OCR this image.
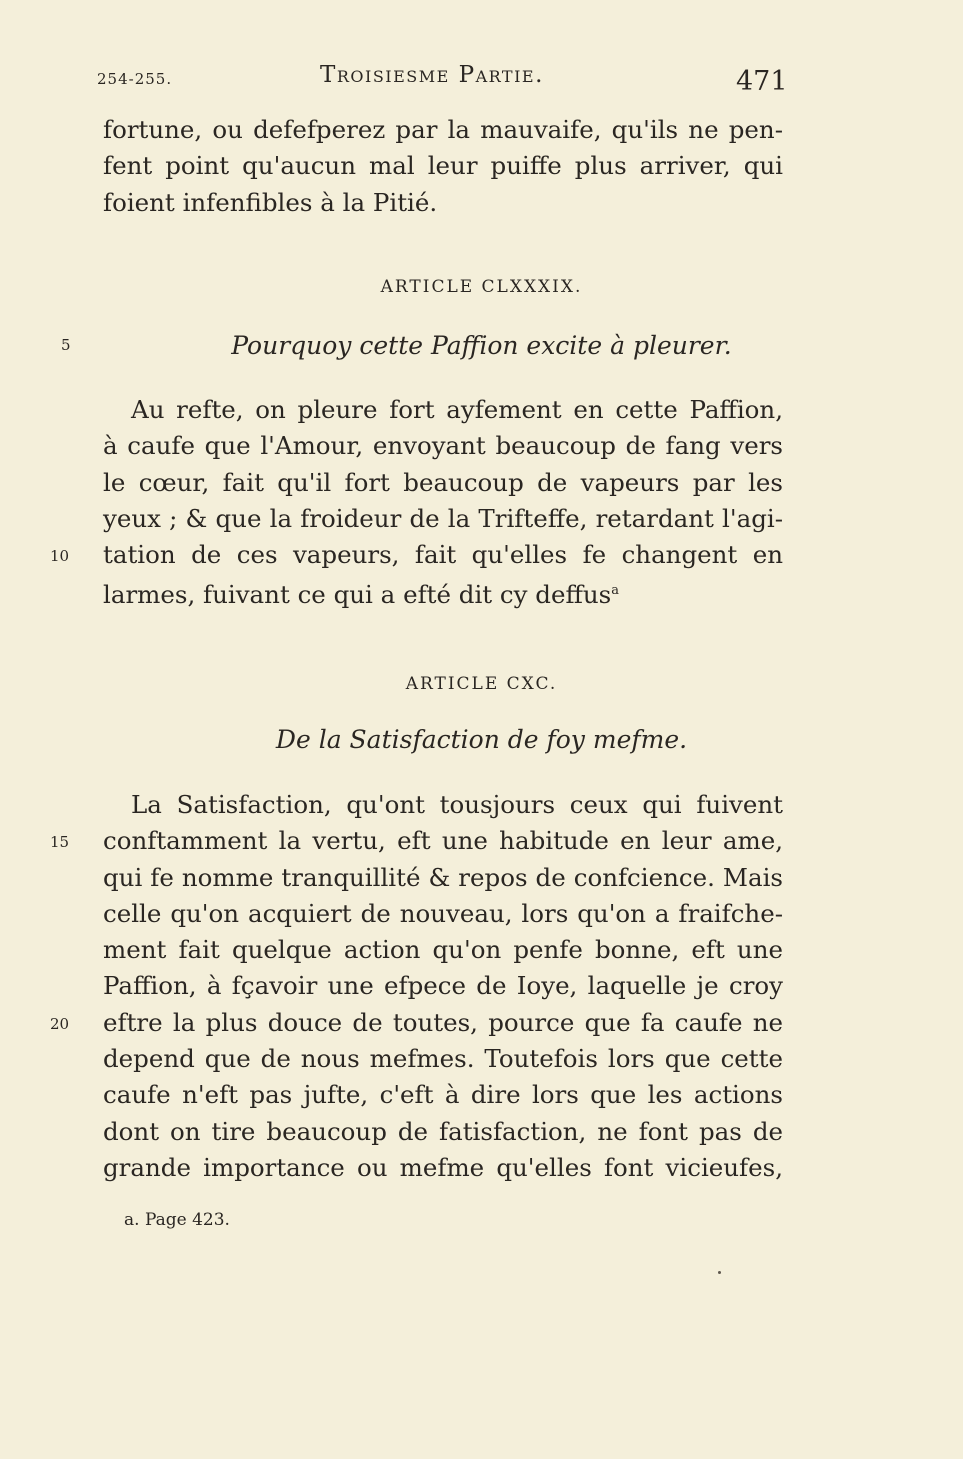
254-255.	Troisiesme Partie.	471
fortune, ou defefperez par la mauvaife, qu'ils ne pen-
fent point qu'aucun mal leur puiffe plus arriver, qui
foient infenfibles à la Pitié.
ARTICLE CLXXXIX.
5	Pourquoy cette Paffion excite à pleurer.
Au refte, on pleure fort ayfement en cette Paffion,
à caufe que l'Amour, envoyant beaucoup de fang vers
le cœur, fait qu'il fort beaucoup de vapeurs par les
yeux ; & que la froideur de la Trifteffe, retardant l'agi-
tation de ces vapeurs, fait qu'elles fe changent en
larmes, fuivant ce qui a efté dit cy deffus$^a$
10
ARTICLE CXC.
De la Satisfaction de foy mefme.
La Satisfaction, qu'ont tousjours ceux qui fuivent
conftamment la vertu, eft une habitude en leur ame,
qui fe nomme tranquillité & repos de confcience. Mais
celle qu'on acquiert de nouveau, lors qu'on a fraifche-
ment fait quelque action qu'on penfe bonne, eft une
Paffion, à fçavoir une efpece de Ioye, laquelle je croy
eftre la plus douce de toutes, pource que fa caufe ne
depend que de nous mefmes. Toutefois lors que cette
caufe n'eft pas jufte, c'eft à dire lors que les actions
dont on tire beaucoup de fatisfaction, ne font pas de
grande importance ou mefme qu'elles font vicieufes,
15
20
a. Page 423.
